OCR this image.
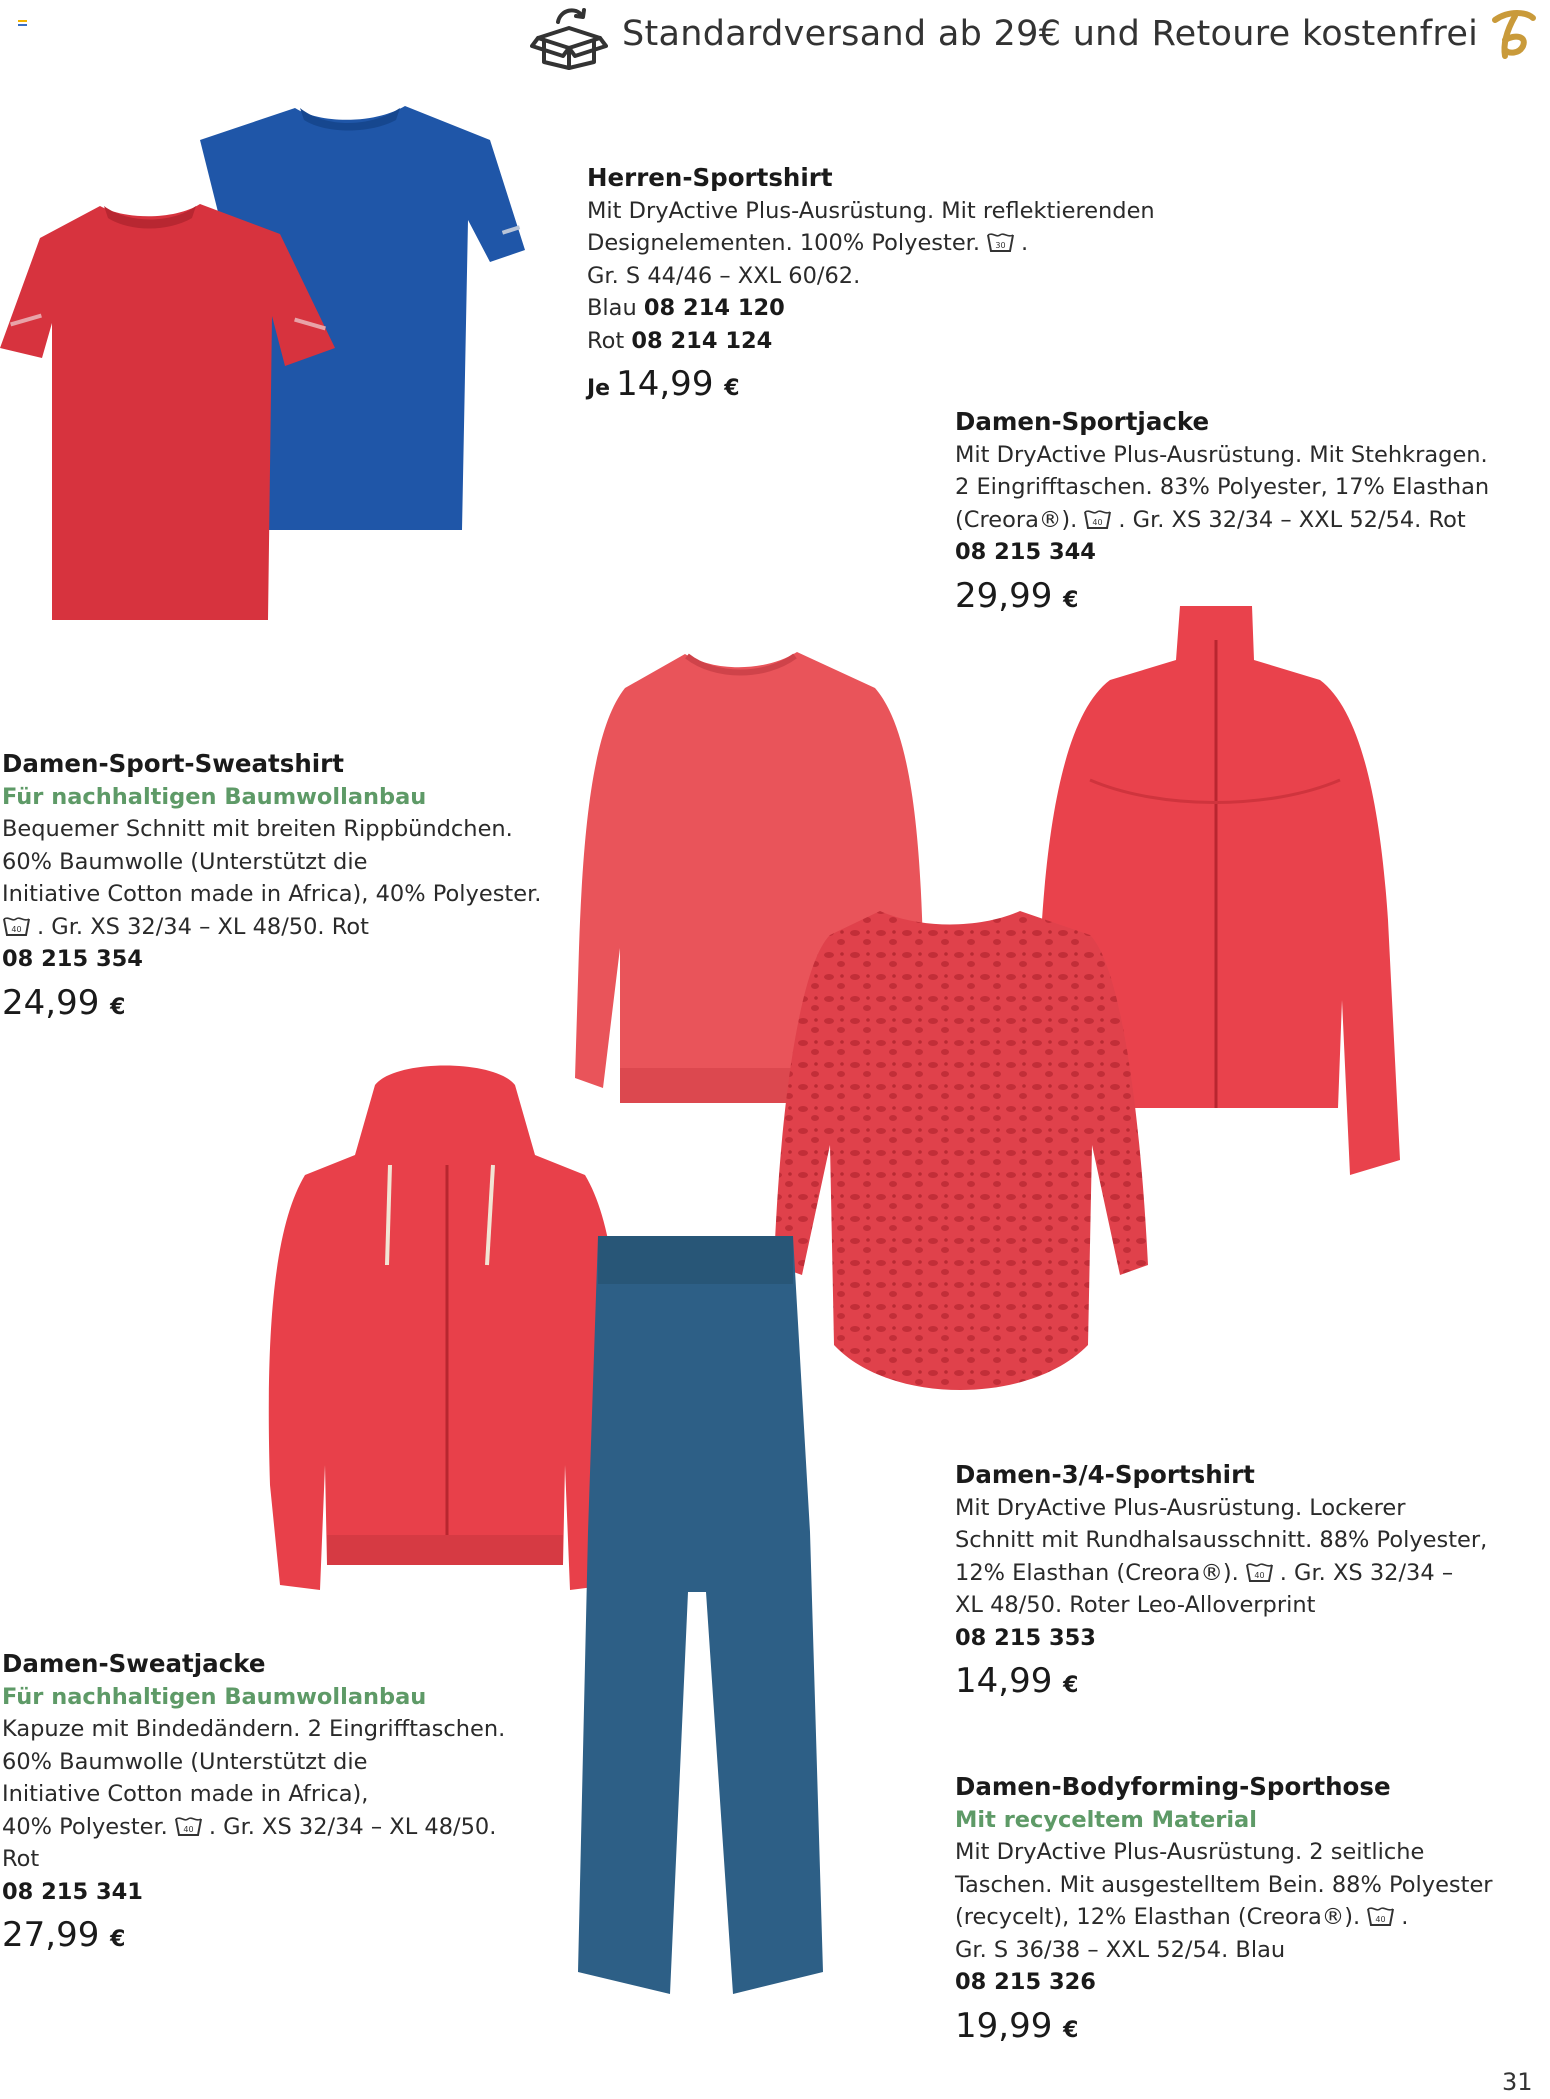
Standardversand ab 29€ und Retoure kostenfrei
Herren-Sportshirt
Mit DryActive Plus-Ausrüstung. Mit reflektierenden
Designelementen. 100% Polyester. 30 .
Gr. S 44/46 – XXL 60/62.
Blau 08 214 120
Rot 08 214 124
Je 14,99 €
Damen-Sportjacke
Mit DryActive Plus-Ausrüstung. Mit Stehkragen.
2 Eingrifftaschen. 83% Polyester, 17% Elasthan
(Creora®). 40 . Gr. XS 32/34 – XXL 52/54. Rot
08 215 344
29,99 €
Damen-Sport-Sweatshirt
Für nachhaltigen Baumwollanbau
Bequemer Schnitt mit breiten Rippbündchen.
60% Baumwolle (Unterstützt die
Initiative Cotton made in Africa), 40% Polyester.
40 . Gr. XS 32/34 – XL 48/50. Rot
08 215 354
24,99 €
Damen-3/4-Sportshirt
Mit DryActive Plus-Ausrüstung. Lockerer
Schnitt mit Rundhalsausschnitt. 88% Polyester,
12% Elasthan (Creora®). 40 . Gr. XS 32/34 –
XL 48/50. Roter Leo-Alloverprint
08 215 353
14,99 €
Damen-Sweatjacke
Für nachhaltigen Baumwollanbau
Kapuze mit Bindedändern. 2 Eingrifftaschen.
60% Baumwolle (Unterstützt die
Initiative Cotton made in Africa),
40% Polyester. 40 . Gr. XS 32/34 – XL 48/50.
Rot
08 215 341
27,99 €
Damen-Bodyforming-Sporthose
Mit recyceltem Material
Mit DryActive Plus-Ausrüstung. 2 seitliche
Taschen. Mit ausgestelltem Bein. 88% Polyester
(recycelt), 12% Elasthan (Creora®). 40 .
Gr. S 36/38 – XXL 52/54. Blau
08 215 326
19,99 €
31
